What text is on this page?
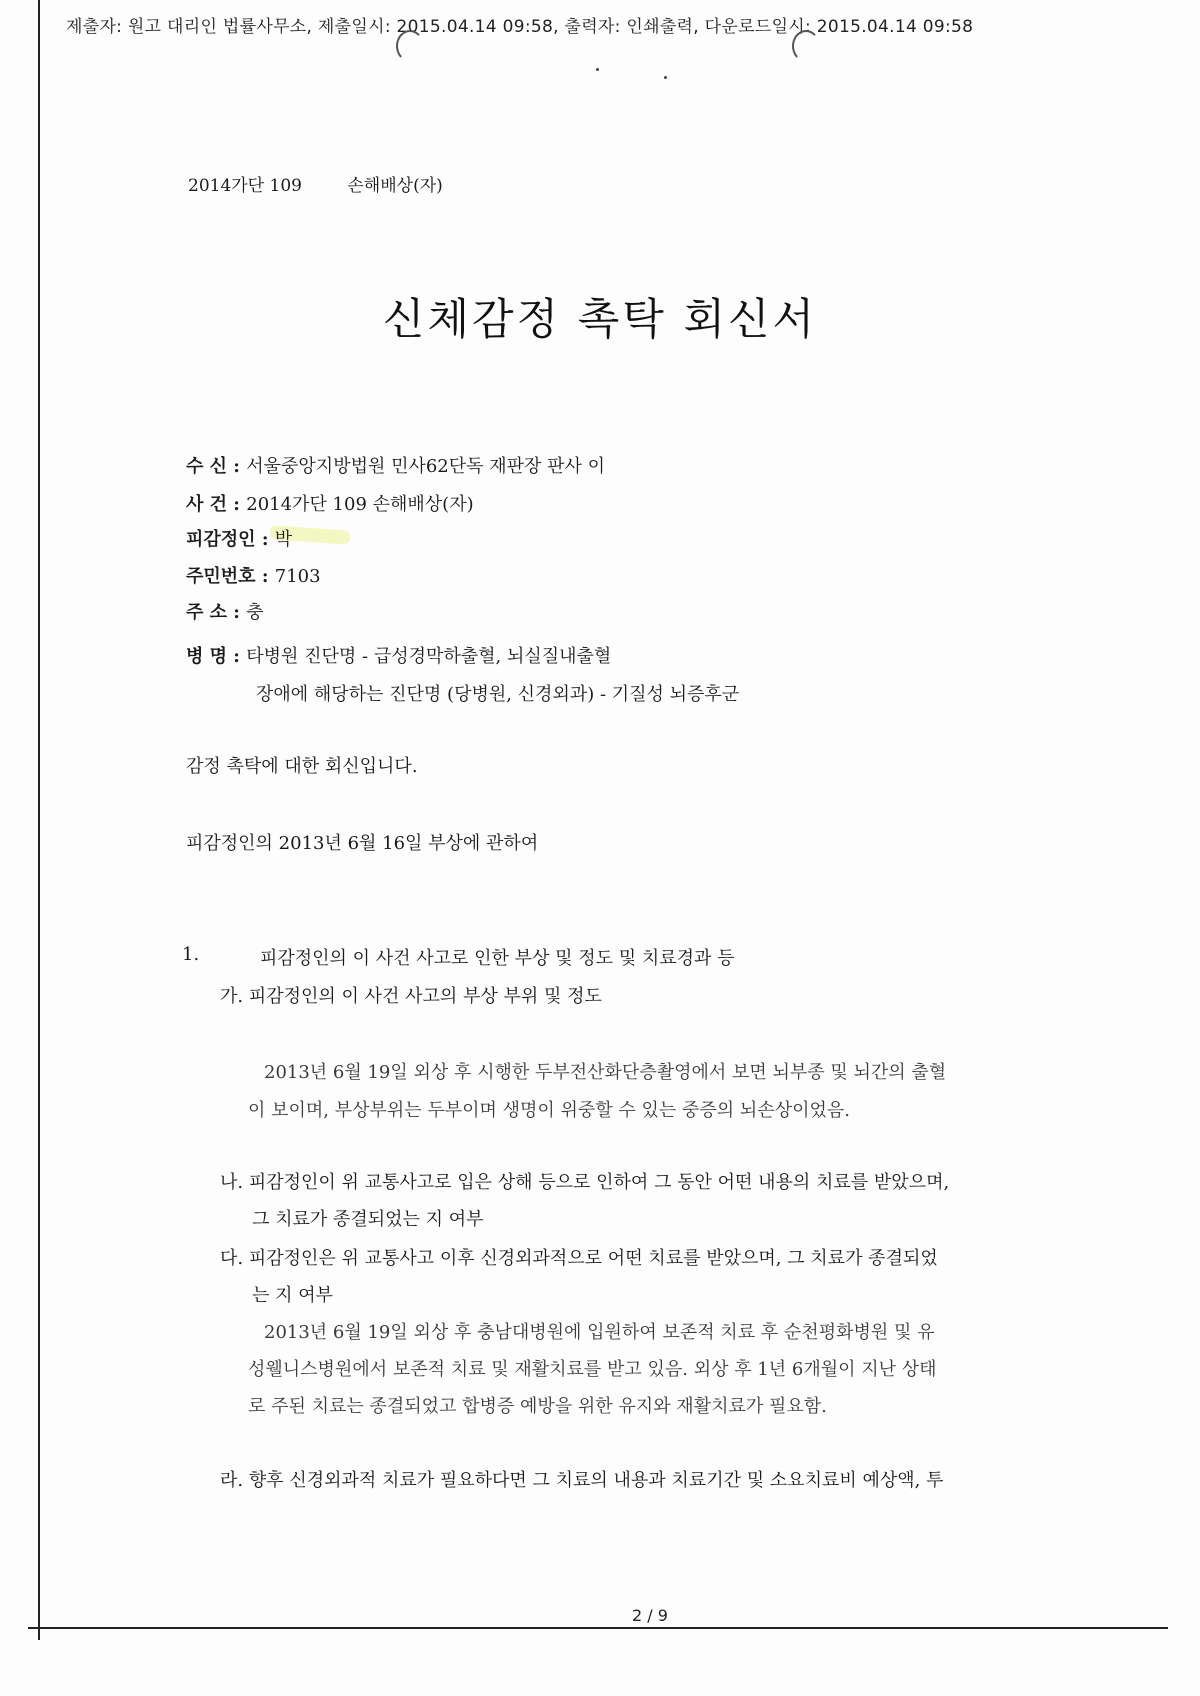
제출자: 원고 대리인 법률사무소, 제출일시: 2015.04.14 09:58, 출력자: 인쇄출력, 다운로드일시: 2015.04.14 09:58
2014가단 109	손해배상(자)
신체감정 촉탁 회신서
수 신 : 서울중앙지방법원 민사62단독 재판장 판사 이
사 건 : 2014가단 109 손해배상(자)
피감정인 : 박
주민번호 : 7103
주 소 : 충
병 명 : 타병원 진단명 - 급성경막하출혈, 뇌실질내출혈
장애에 해당하는 진단명 (당병원, 신경외과) - 기질성 뇌증후군
감정 촉탁에 대한 회신입니다.
피감정인의 2013년 6월 16일 부상에 관하여
1.	피감정인의 이 사건 사고로 인한 부상 및 정도 및 치료경과 등
가. 피감정인의 이 사건 사고의 부상 부위 및 정도
2013년 6월 19일 외상 후 시행한 두부전산화단층촬영에서 보면 뇌부종 및 뇌간의 출혈
이 보이며, 부상부위는 두부이며 생명이 위중할 수 있는 중증의 뇌손상이었음.
나. 피감정인이 위 교통사고로 입은 상해 등으로 인하여 그 동안 어떤 내용의 치료를 받았으며,
그 치료가 종결되었는 지 여부
다. 피감정인은 위 교통사고 이후 신경외과적으로 어떤 치료를 받았으며, 그 치료가 종결되었
는 지 여부
2013년 6월 19일 외상 후 충남대병원에 입원하여 보존적 치료 후 순천평화병원 및 유
성웰니스병원에서 보존적 치료 및 재활치료를 받고 있음. 외상 후 1년 6개월이 지난 상태
로 주된 치료는 종결되었고 합병증 예방을 위한 유지와 재활치료가 필요함.
라. 향후 신경외과적 치료가 필요하다면 그 치료의 내용과 치료기간 및 소요치료비 예상액, 투
2 / 9
